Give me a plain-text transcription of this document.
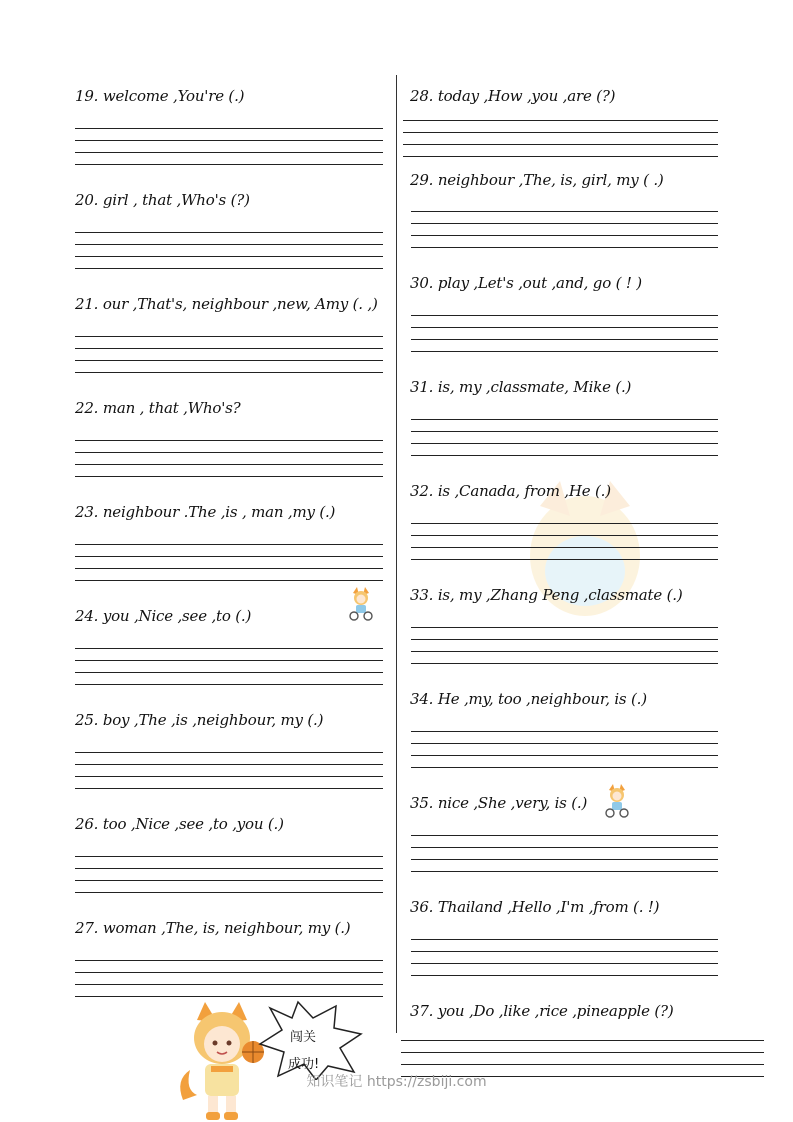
19. welcome ,You're (.)
20. girl , that ,Who's (?)
21. our ,That's, neighbour ,new, Amy (. ,)
22. man , that ,Who's?
23. neighbour .The ,is , man ,my (.)
24. you ,Nice ,see ,to (.)
25. boy ,The ,is ,neighbour, my (.)
26. too ,Nice ,see ,to ,you (.)
27. woman ,The, is, neighbour, my (.)
28. today ,How ,you ,are (?)
29. neighbour ,The, is, girl, my ( .)
30. play ,Let's ,out ,and, go ( ! )
31. is, my ,classmate, Mike (.)
32. is ,Canada, from ,He (.)
33. is, my ,Zhang Peng ,classmate (.)
34. He ,my, too ,neighbour, is (.)
35. nice ,She ,very, is (.)
36. Thailand ,Hello ,I'm ,from (. !)
37. you ,Do ,like ,rice ,pineapple (?)
闯关
成功!
知识笔记 https://zsbiji.com
